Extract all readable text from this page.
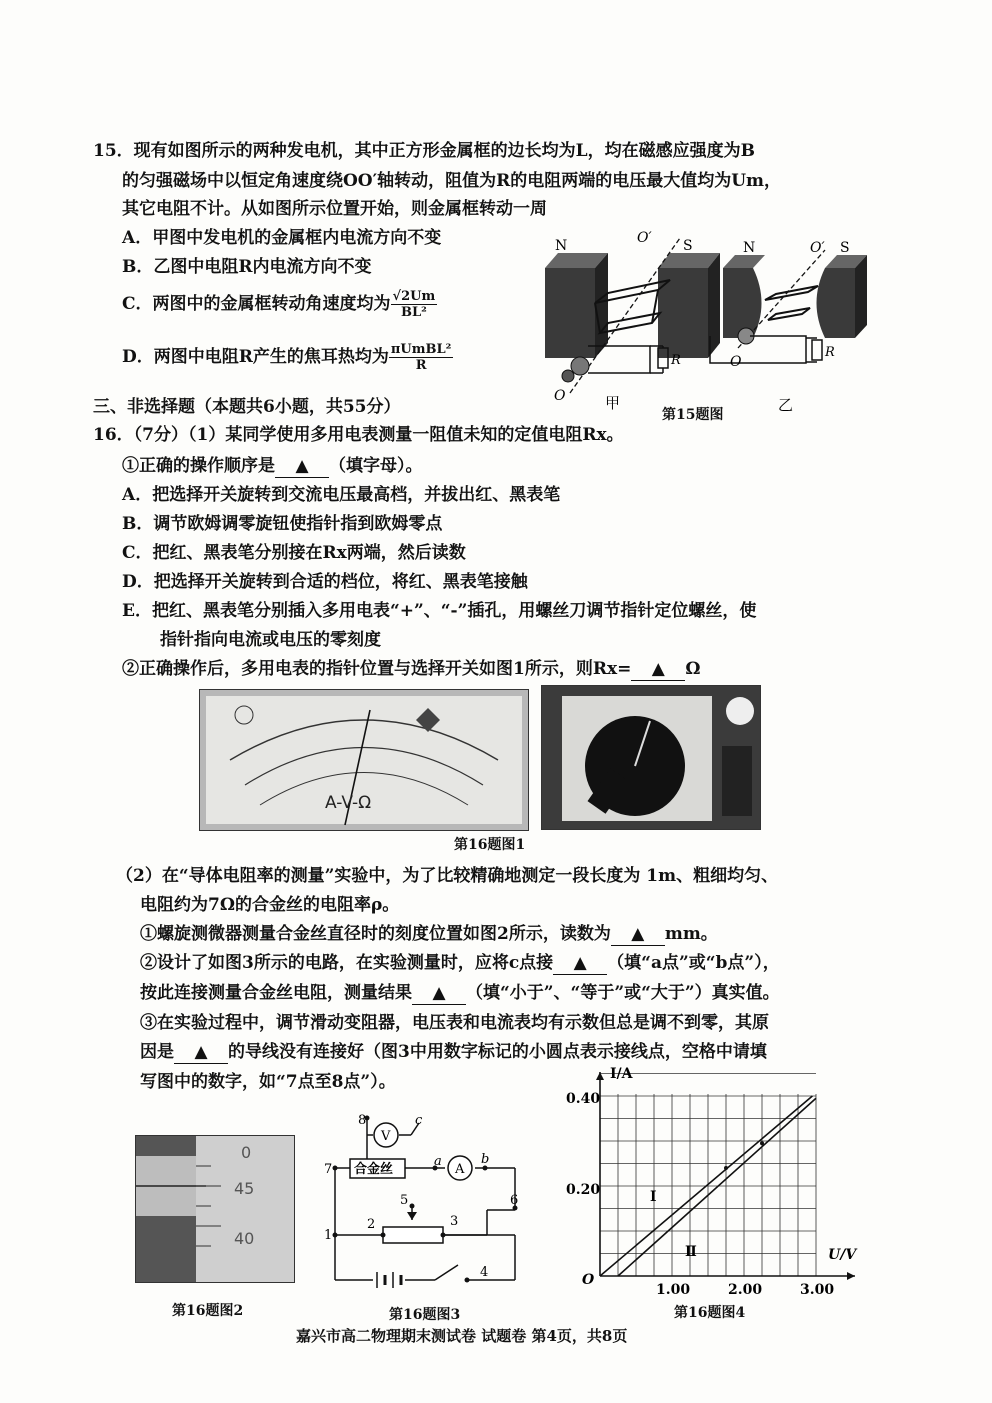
15．现有如图所示的两种发电机，其中正方形金属框的边长均为L，均在磁感应强度为B
的匀强磁场中以恒定角速度绕OO′轴转动，阻值为R的电阻两端的电压最大值均为Um，
其它电阻不计。从如图所示位置开始，则金属框转动一周
A．甲图中发电机的金属框内电流方向不变
B．乙图中电阻R内电流方向不变
C．两图中的金属框转动角速度均为 $\frac{√2Um}{\text{BL²}}$
D．两图中电阻R产生的焦耳热均为 $\frac{\text{πUmBL²}}{R}$
N	S
O′
O
R
甲
N	S
O′
O
R
乙
第15题图
三、非选择题（本题共6小题，共55分）
16．（7分）（1）某同学使用多用电表测量一阻值未知的定值电阻Rx。
①正确的操作顺序是 ▲ （填字母）。
A．把选择开关旋转到交流电压最高档，并拔出红、黑表笔
B．调节欧姆调零旋钮使指针指到欧姆零点
C．把红、黑表笔分别接在Rx两端，然后读数
D．把选择开关旋转到合适的档位，将红、黑表笔接触
E．把红、黑表笔分别插入多用电表“+”、“-”插孔，用螺丝刀调节指针定位螺丝，使
指针指向电流或电压的零刻度
②正确操作后，多用电表的指针位置与选择开关如图1所示，则Rx= ▲ Ω
A-V-Ω
第16题图1
（2）在“导体电阻率的测量”实验中，为了比较精确地测定一段长度为 1m、粗细均匀、
电阻约为7Ω的合金丝的电阻率ρ。
①螺旋测微器测量合金丝直径时的刻度位置如图2所示，读数为 ▲ mm。
②设计了如图3所示的电路，在实验测量时，应将c点接 ▲ （填“a点”或“b点”），
按此连接测量合金丝电阻，测量结果 ▲ （填“小于”、“等于”或“大于”）真实值。
③在实验过程中，调节滑动变阻器，电压表和电流表均有示数但总是调不到零，其原
因是 ▲ 的导线没有连接好（图3中用数字标记的小圆点表示接线点，空格中请填
写图中的数字，如“7点至8点”）。
0
45
40
第16题图2
8
7
1
2	3
4
5	6
a	b
c
V
A
合金丝
第16题图3
I/A
U/V
O
0.40
0.20
1.00	2.00	3.00
Ⅰ
Ⅱ
第16题图4
嘉兴市高二物理期末测试卷 试题卷 第4页，共8页
